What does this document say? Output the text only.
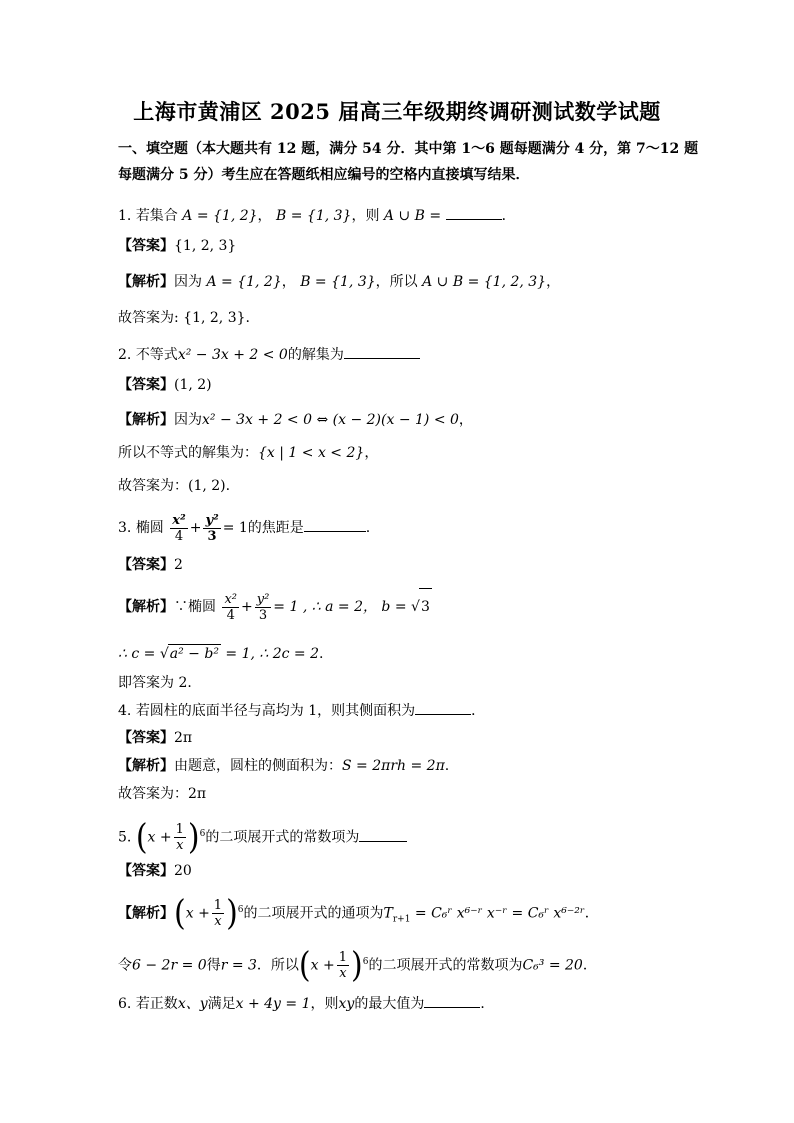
上海市黄浦区 2025 届高三年级期终调研测试数学试题
一、填空题（本大题共有 12 题，满分 54 分．其中第 1～6 题每题满分 4 分，第 7～12 题
每题满分 5 分）考生应在答题纸相应编号的空格内直接填写结果．
1. 若集合 A = {1, 2}， B = {1, 3}，则 A ∪ B =	．
【答案】{1, 2, 3}
【解析】因为 A = {1, 2}， B = {1, 3}，所以 A ∪ B = {1, 2, 3}，
故答案为: {1, 2, 3}.
2. 不等式x² − 3x + 2 < 0的解集为
【答案】(1, 2)
【解析】因为x² − 3x + 2 < 0 ⇔ (x − 2)(x − 1) < 0，
所以不等式的解集为：{x | 1 < x < 2}，
故答案为：(1, 2).
3. 椭圆 $\frac{\text{x²}}{4} + \frac{\text{y²}}{3} = 1$的焦距是	.
【答案】2
【解析】∵椭圆 $\frac{\text{x²}}{4} + \frac{\text{y²}}{3} = 1$ , ∴ a = 2， b = √3
∴ c = √a² − b² = 1, ∴ 2c = 2.
即答案为 2．
4. 若圆柱的底面半径与高均为 1，则其侧面积为	．
【答案】2π
【解析】由题意，圆柱的侧面积为：S = 2πrh = 2π.
故答案为：2π
5. $(x + \frac{1}{x} )^6$的二项展开式的常数项为
【答案】20
【解析】$(x + \frac{1}{x} )^6$的二项展开式的通项为$T_{r+1}$ = C₆ʳ x⁶⁻ʳ x⁻ʳ = C₆ʳ x⁶⁻²ʳ．
令6 − 2r = 0得r = 3．所以$(x + \frac{1}{x} )^6$的二项展开式的常数项为C₆³ = 20．
6. 若正数x、y满足x + 4y = 1，则xy的最大值为	．
